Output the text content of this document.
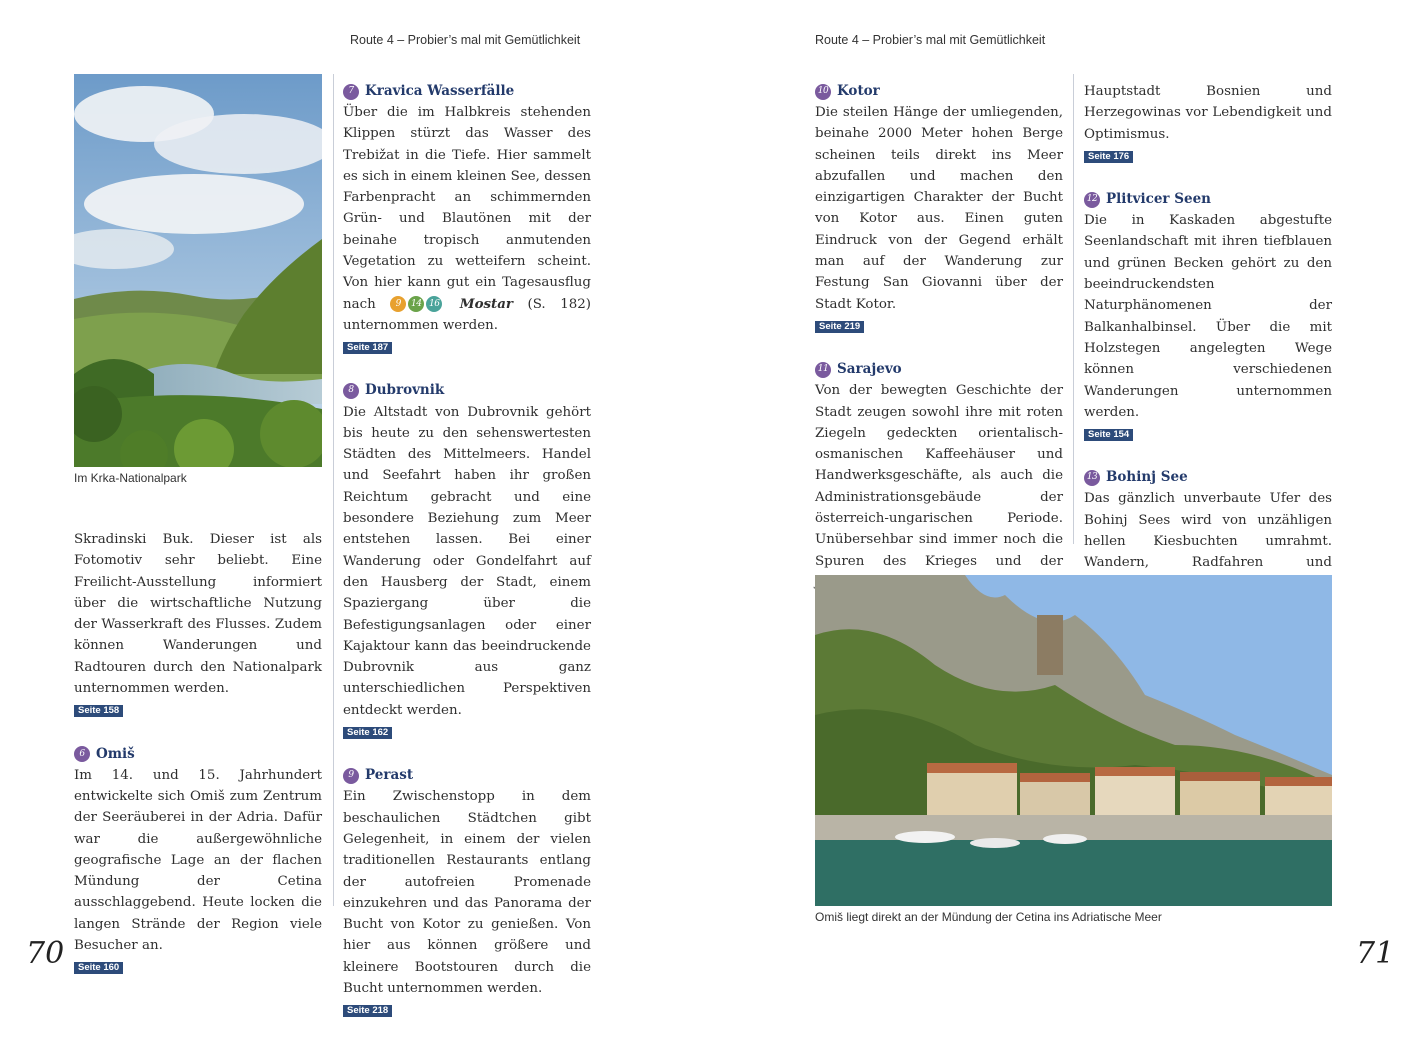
Route 4 – Probier’s mal mit Gemütlichkeit	Route 4 – Probier’s mal mit Gemütlichkeit
Im Krka-Nationalpark

Skradinski Buk. Dieser ist als Fotomotiv sehr beliebt. Eine Freilicht-Ausstellung informiert über die wirtschaftliche Nutzung der Wasserkraft des Flusses. Zudem können Wanderungen und Radtouren durch den Nationalpark unternommen werden.

Seite 158
6 Omiš

Im 14. und 15. Jahrhundert entwickelte sich Omiš zum Zentrum der Seeräuberei in der Adria. Dafür war die außergewöhnliche geografische Lage an der flachen Mündung der Cetina ausschlaggebend. Heute locken die langen Strände der Region viele Besucher an.

Seite 160
7 Kravica Wasserfälle

Über die im Halbkreis stehenden Klippen stürzt das Wasser des Trebižat in die Tiefe. Hier sammelt es sich in einem kleinen See, dessen Farbenpracht an schimmernden Grün- und Blautönen mit der beinahe tropisch anmutenden Vegetation zu wetteifern scheint. Von hier kann gut ein Tagesausflug nach	9	14 16 Mostar (S. 182) unternommen werden.

Seite 187
8 Dubrovnik

Die Altstadt von Dubrovnik gehört bis heute zu den sehenswertesten Städten des Mittelmeers. Handel und Seefahrt haben ihr großen Reichtum gebracht und eine besondere Beziehung zum Meer entstehen lassen. Bei einer Wanderung oder Gondelfahrt auf den Hausberg der Stadt, einem Spaziergang über die Befestigungsanlagen oder einer Kajaktour kann das beeindruckende Dubrovnik aus ganz unterschiedlichen Perspektiven entdeckt werden.

Seite 162
9 Perast

Ein Zwischenstopp in dem beschaulichen Städtchen gibt Gelegenheit, in einem der vielen traditionellen Restaurants entlang der autofreien Promenade einzukehren und das Panorama der Bucht von Kotor zu genießen. Von hier aus können größere und kleinere Bootstouren durch die Bucht unternommen werden.

Seite 218
10 Kotor

Die steilen Hänge der umliegenden, beinahe 2000 Meter hohen Berge scheinen teils direkt ins Meer abzufallen und machen den einzigartigen Charakter der Bucht von Kotor aus. Einen guten Eindruck von der Gegend erhält man auf der Wanderung zur Festung San Giovanni über der Stadt Kotor.

Seite 219
11 Sarajevo

Von der bewegten Geschichte der Stadt zeugen sowohl ihre mit roten Ziegeln gedeckten orientalisch-osmanischen Kaffeehäuser und Handwerksgeschäfte, als auch die Administrationsgebäude der österreich-ungarischen Periode. Unübersehbar sind immer noch die Spuren des Krieges und der

Hauptstadt Bosnien und Herzegowinas vor Lebendigkeit und Optimismus.

Seite 176
12 Plitvicer Seen

Die in Kaskaden abgestufte Seenlandschaft mit ihren tiefblauen und grünen Becken gehört zu den beeindruckendsten Naturphänomenen der Balkanhalbinsel. Über die mit Holzstegen angelegten Wege können verschiedenen Wanderungen unternommen werden.

Seite 154
13 Bohinj See

Das gänzlich unverbaute Ufer des Bohinj Sees wird von unzähligen hellen Kiesbuchten umrahmt. Wandern, Radfahren und

Omiš liegt direkt an der Mündung der Cetina ins Adriatische Meer
70	71
